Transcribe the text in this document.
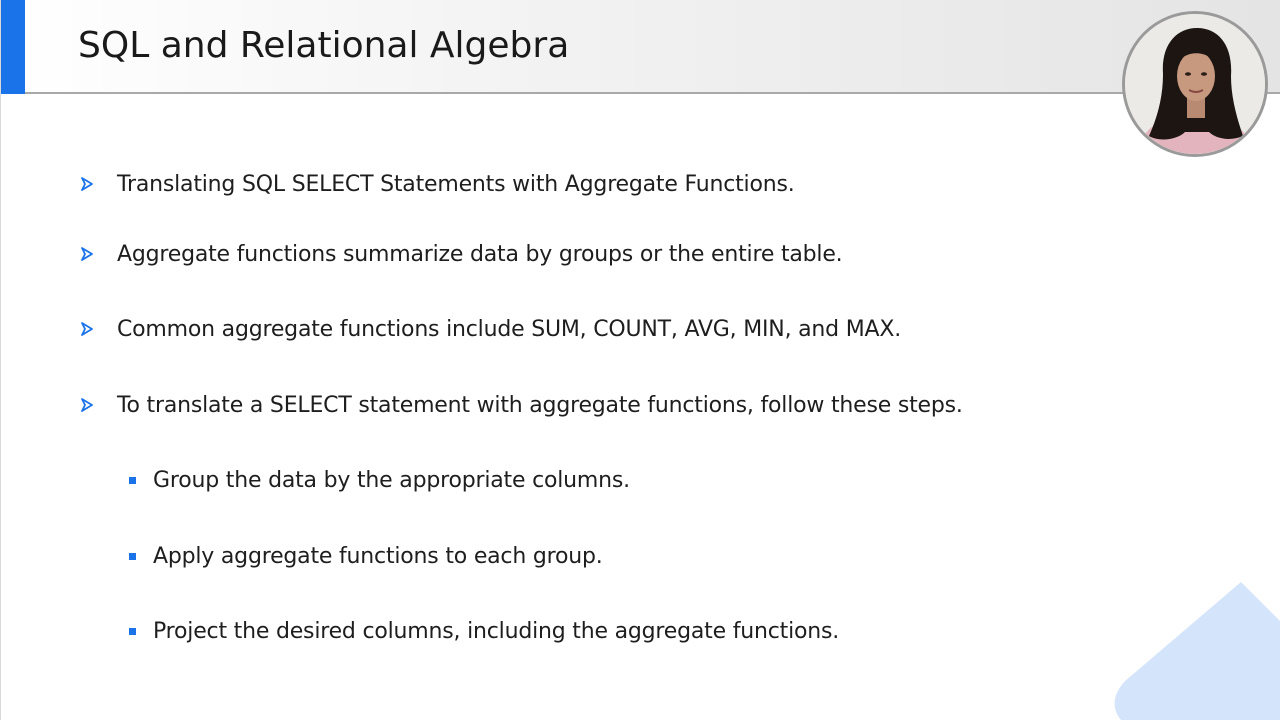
SQL and Relational Algebra
Translating SQL SELECT Statements with Aggregate Functions.
Aggregate functions summarize data by groups or the entire table.
Common aggregate functions include SUM, COUNT, AVG, MIN, and MAX.
To translate a SELECT statement with aggregate functions, follow these steps.
Group the data by the appropriate columns.
Apply aggregate functions to each group.
Project the desired columns, including the aggregate functions.
